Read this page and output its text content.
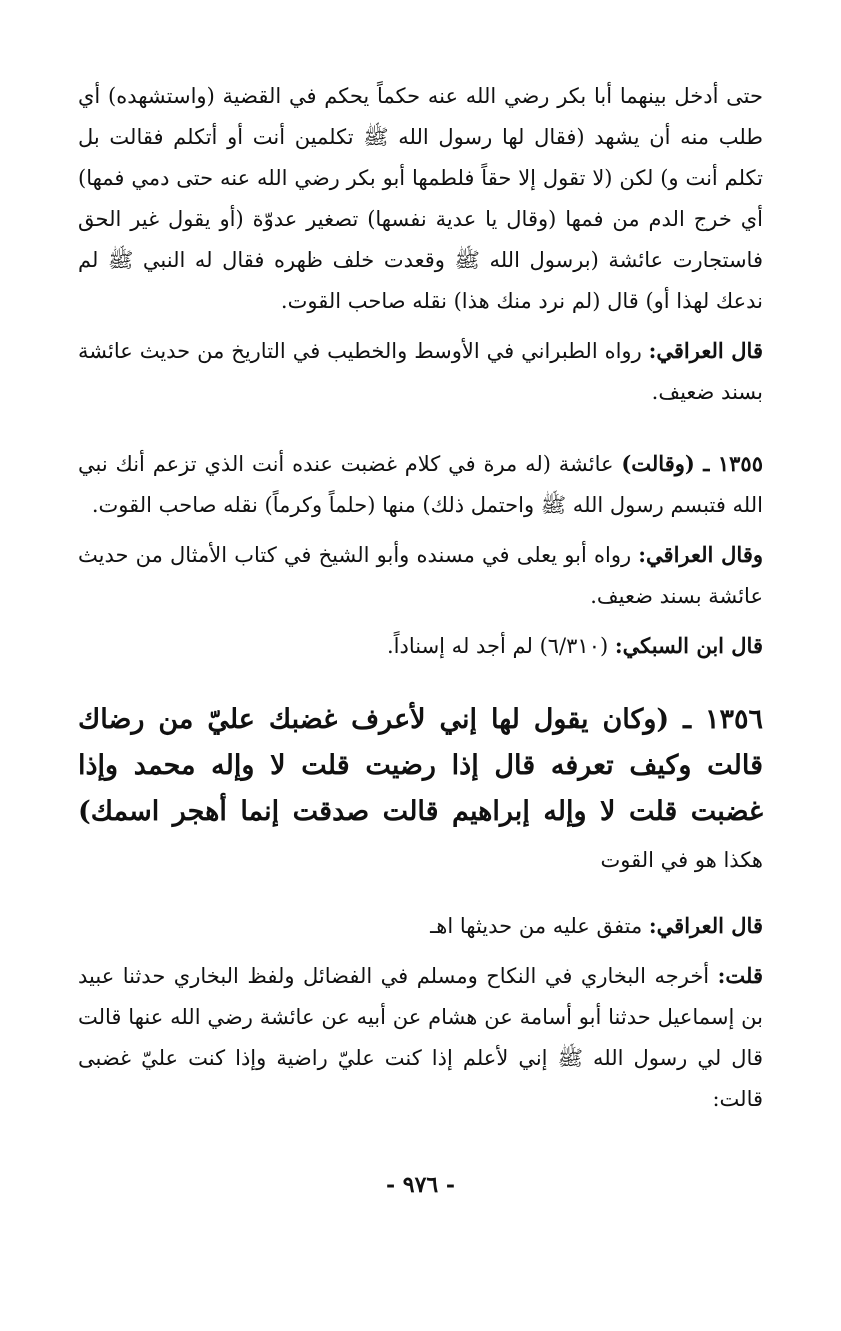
حتى أدخل بينهما أبا بكر رضي الله عنه حكماً يحكم في القضية (واستشهده) أي طلب منه أن يشهد (فقال لها رسول الله ﷺ تكلمين أنت أو أتكلم فقالت بل تكلم أنت و) لكن (لا تقول إلا حقاً فلطمها أبو بكر رضي الله عنه حتى دمي فمها) أي خرج الدم من فمها (وقال يا عدية نفسها) تصغير عدوّة (أو يقول غير الحق فاستجارت عائشة (برسول الله ﷺ وقعدت خلف ظهره فقال له النبي ﷺ لم ندعك لهذا أو) قال (لم نرد منك هذا) نقله صاحب القوت.

قال العراقي: رواه الطبراني في الأوسط والخطيب في التاريخ من حديث عائشة بسند ضعيف.

١٣٥٥ ـ (وقالت) عائشة (له مرة في كلام غضبت عنده أنت الذي تزعم أنك نبي الله فتبسم رسول الله ﷺ واحتمل ذلك) منها (حلماً وكرماً) نقله صاحب القوت.

وقال العراقي: رواه أبو يعلى في مسنده وأبو الشيخ في كتاب الأمثال من حديث عائشة بسند ضعيف.

قال ابن السبكي: (٦/٣١٠) لم أجد له إسناداً.

١٣٥٦ ـ (وكان يقول لها إني لأعرف غضبك عليّ من رضاك قالت وكيف تعرفه قال إذا رضيت قلت لا وإله محمد وإذا غضبت قلت لا وإله إبراهيم قالت صدقت إنما أهجر اسمك) هكذا هو في القوت

قال العراقي: متفق عليه من حديثها اهـ

قلت: أخرجه البخاري في النكاح ومسلم في الفضائل ولفظ البخاري حدثنا عبيد بن إسماعيل حدثنا أبو أسامة عن هشام عن أبيه عن عائشة رضي الله عنها قالت قال لي رسول الله ﷺ إني لأعلم إذا كنت عليّ راضية وإذا كنت عليّ غضبى قالت:

- ٩٧٦ -
